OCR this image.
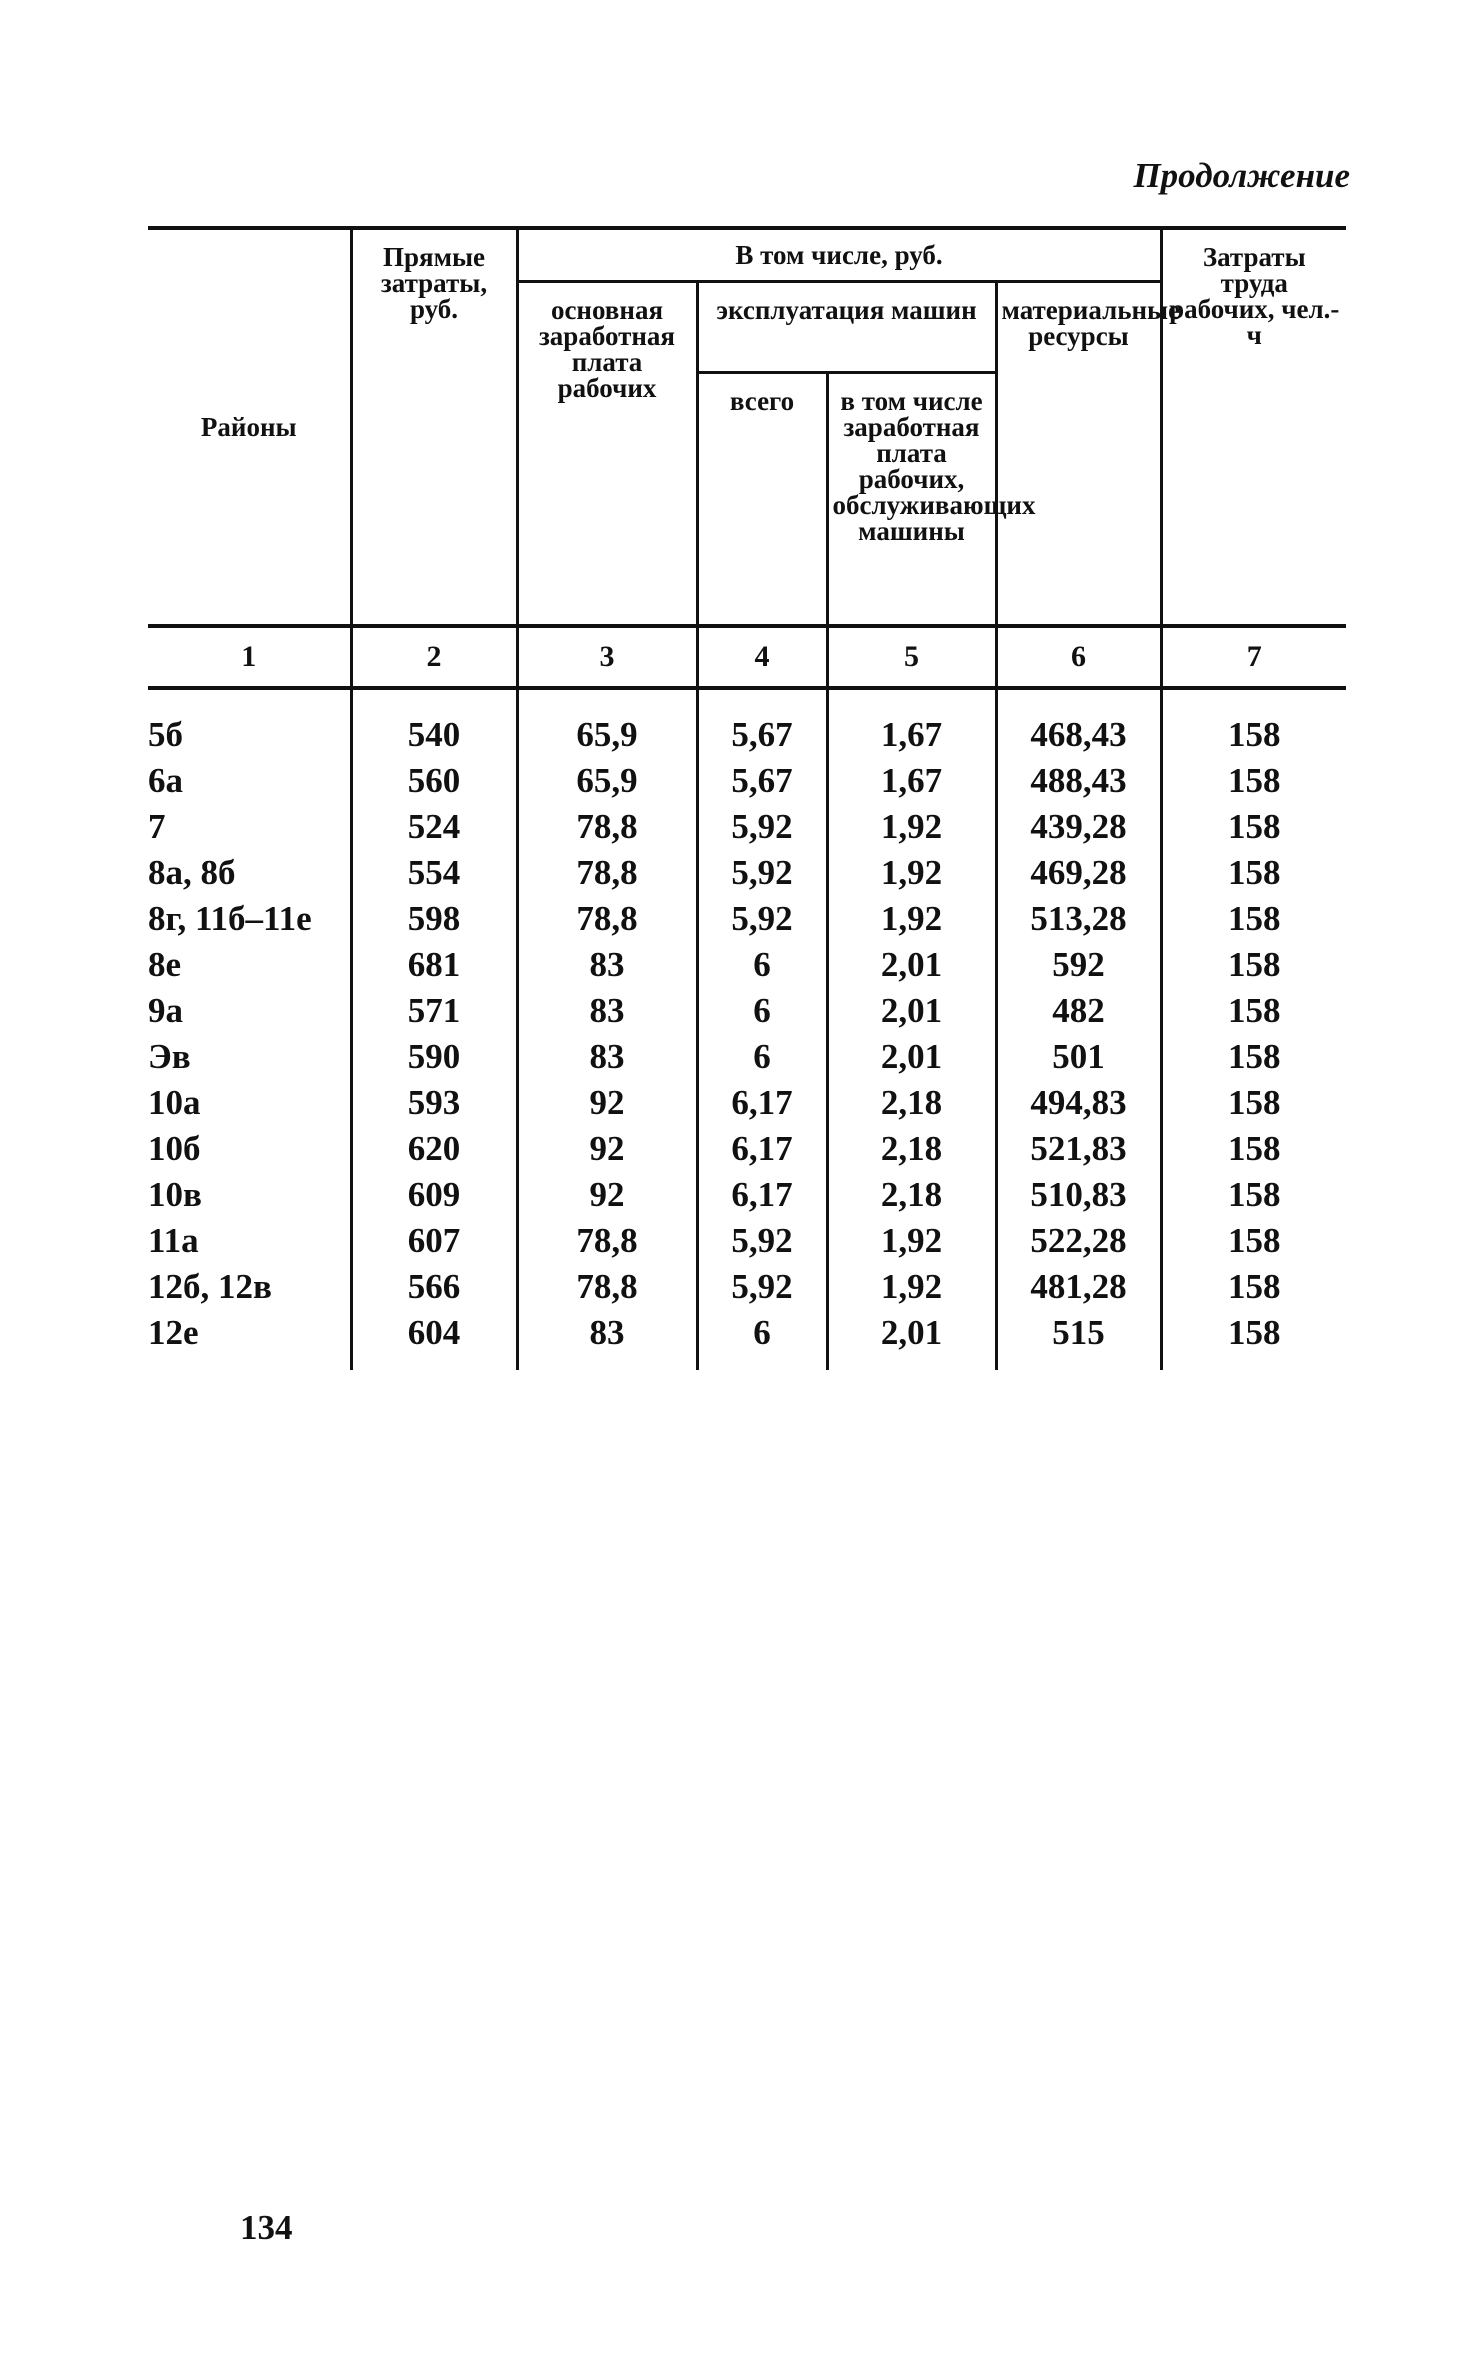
Продолжение
Районы	Прямые затраты, руб.	В том числе, руб.				Затраты труда рабочих, чел.-ч
		основная заработная плата рабочих	эксплуатация машин		материальные ресурсы	
			всего	в том числе заработная плата рабочих, обслуживающих машины		
1	2	3	4	5	6	7

5б	540	65,9	5,67	1,67	468,43	158
6а	560	65,9	5,67	1,67	488,43	158
7	524	78,8	5,92	1,92	439,28	158
8а, 8б	554	78,8	5,92	1,92	469,28	158
8г, 11б–11е	598	78,8	5,92	1,92	513,28	158
8е	681	83	6	2,01	592	158
9а	571	83	6	2,01	482	158
Эв	590	83	6	2,01	501	158
10а	593	92	6,17	2,18	494,83	158
10б	620	92	6,17	2,18	521,83	158
10в	609	92	6,17	2,18	510,83	158
11а	607	78,8	5,92	1,92	522,28	158
12б, 12в	566	78,8	5,92	1,92	481,28	158
12е	604	83	6	2,01	515	158

134
